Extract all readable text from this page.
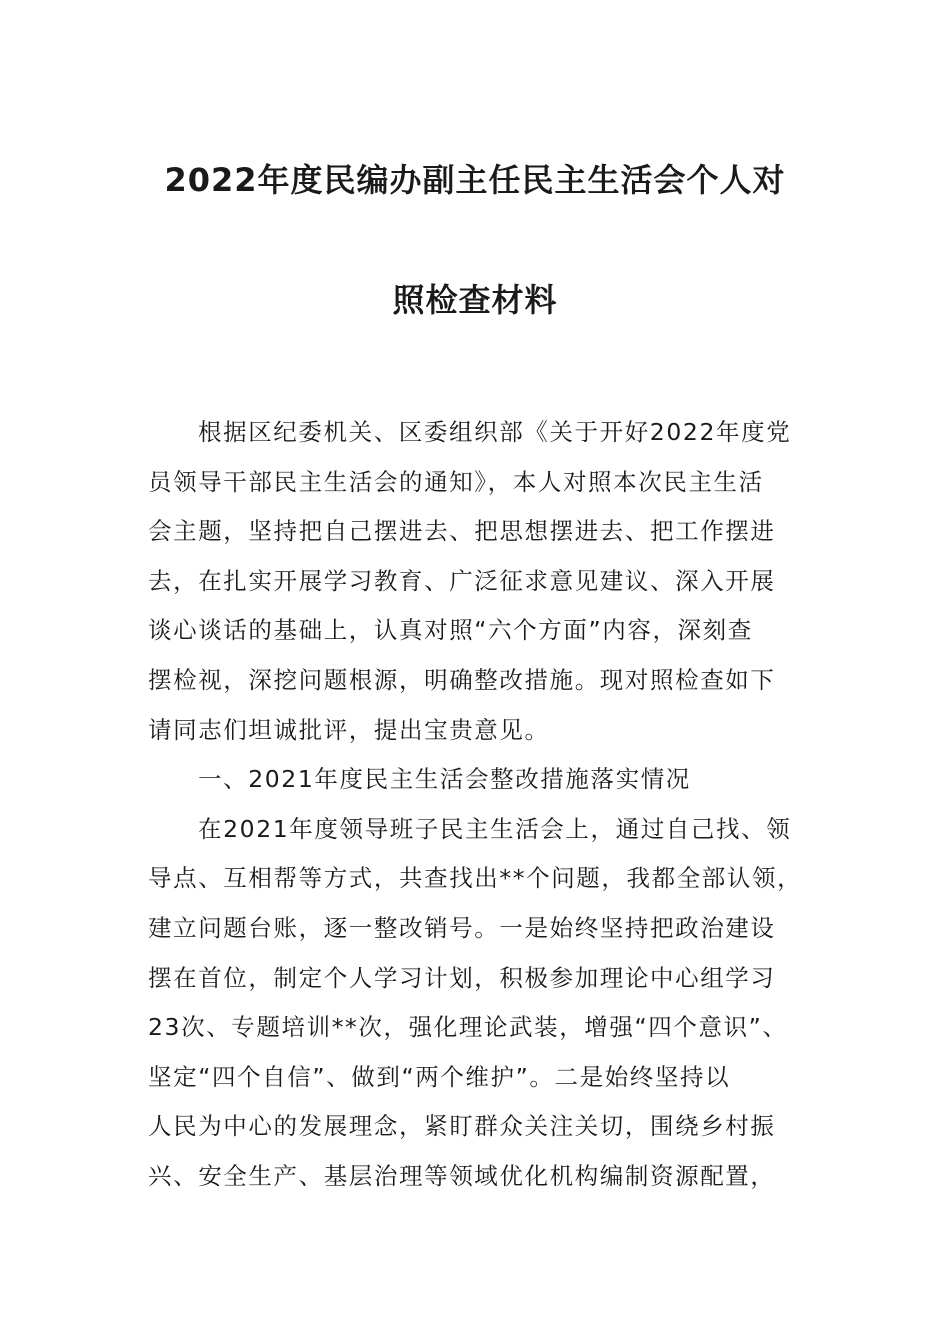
2022年度民编办副主任民主生活会个人对
照检查材料
根据区纪委机关、区委组织部《关于开好2022年度党
员领导干部民主生活会的通知》，本人对照本次民主生活
会主题，坚持把自己摆进去、把思想摆进去、把工作摆进
去，在扎实开展学习教育、广泛征求意见建议、深入开展
谈心谈话的基础上，认真对照“六个方面”内容，深刻查
摆检视，深挖问题根源，明确整改措施。现对照检查如下
请同志们坦诚批评，提出宝贵意见。
一、2021年度民主生活会整改措施落实情况
在2021年度领导班子民主生活会上，通过自己找、领
导点、互相帮等方式，共查找出**个问题，我都全部认领，
建立问题台账，逐一整改销号。一是始终坚持把政治建设
摆在首位，制定个人学习计划，积极参加理论中心组学习
23次、专题培训**次，强化理论武装，增强“四个意识”、
坚定“四个自信”、做到“两个维护”。二是始终坚持以
人民为中心的发展理念，紧盯群众关注关切，围绕乡村振
兴、安全生产、基层治理等领域优化机构编制资源配置，
